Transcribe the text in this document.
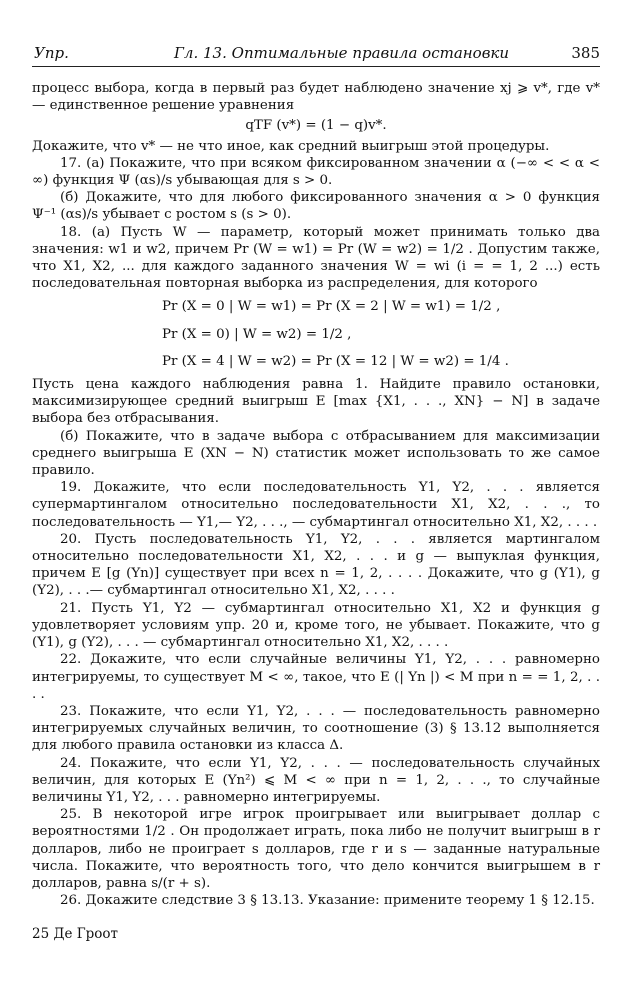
Упр.	Гл. 13. Оптимальные правила остановки	385

процесс выбора, когда в первый раз будет наблюдено значение xj ⩾ v*, где v* — единственное решение уравнения

qTF (v*) = (1 − q)v*.

Докажите, что v* — не что иное, как средний выигрыш этой процедуры.

17. (а) Покажите, что при всяком фиксированном значении α (−∞ < < α < ∞) функция Ψ (αs)/s убывающая для s > 0.

(б) Докажите, что для любого фиксированного значения α > 0 функция Ψ⁻¹ (αs)/s убывает с ростом s (s > 0).

18. (а) Пусть W — параметр, который может принимать только два значения: w1 и w2, причем Pr (W = w1) = Pr (W = w2) = 1/2 . Допустим также, что X1, X2, ... для каждого заданного значения W = wi (i = = 1, 2 ...) есть последовательная повторная выборка из распределения, для которого

Pr (X = 0 | W = w1) = Pr (X = 2 | W = w1) = 1/2 ,

Pr (X = 0) | W = w2) = 1/2 ,

Pr (X = 4 | W = w2) = Pr (X = 12 | W = w2) = 1/4 .

Пусть цена каждого наблюдения равна 1. Найдите правило остановки, максимизирующее средний выигрыш E [max {X1, . . ., XN} − N] в задаче выбора без отбрасывания.

(б) Покажите, что в задаче выбора с отбрасыванием для максимизации среднего выигрыша E (XN − N) статистик может использовать то же самое правило.

19. Докажите, что если последовательность Y1, Y2, . . . является супермартингалом относительно последовательности X1, X2, . . ., то последовательность — Y1,— Y2, . . ., — субмартингал относительно X1, X2, . . . .

20. Пусть последовательность Y1, Y2, . . . является мартингалом относительно последовательности X1, X2, . . . и g — выпуклая функция, причем E [g (Yn)] существует при всех n = 1, 2, . . . . Докажите, что g (Y1), g (Y2), . . .— субмартингал относительно X1, X2, . . . .

21. Пусть Y1, Y2 — субмартингал относительно X1, X2 и функция g удовлетворяет условиям упр. 20 и, кроме того, не убывает. Покажите, что g (Y1), g (Y2), . . . — субмартингал относительно X1, X2, . . . .

22. Докажите, что если случайные величины Y1, Y2, . . . равномерно интегрируемы, то существует M < ∞, такое, что E (| Yn |) < M при n = = 1, 2, . . . .

23. Покажите, что если Y1, Y2, . . . — последовательность равномерно интегрируемых случайных величин, то соотношение (3) § 13.12 выполняется для любого правила остановки из класса Δ.

24. Покажите, что если Y1, Y2, . . . — последовательность случайных величин, для которых E (Yn²) ⩽ M < ∞ при n = 1, 2, . . ., то случайные величины Y1, Y2, . . . равномерно интегрируемы.

25. В некоторой игре игрок проигрывает или выигрывает доллар с вероятностями 1/2 . Он продолжает играть, пока либо не получит выигрыш в r долларов, либо не проиграет s долларов, где r и s — заданные натуральные числа. Покажите, что вероятность того, что дело кончится выигрышем в r долларов, равна s/(r + s).

26. Докажите следствие 3 § 13.13. Указание: примените теорему 1 § 12.15.

25 Де Гроот
